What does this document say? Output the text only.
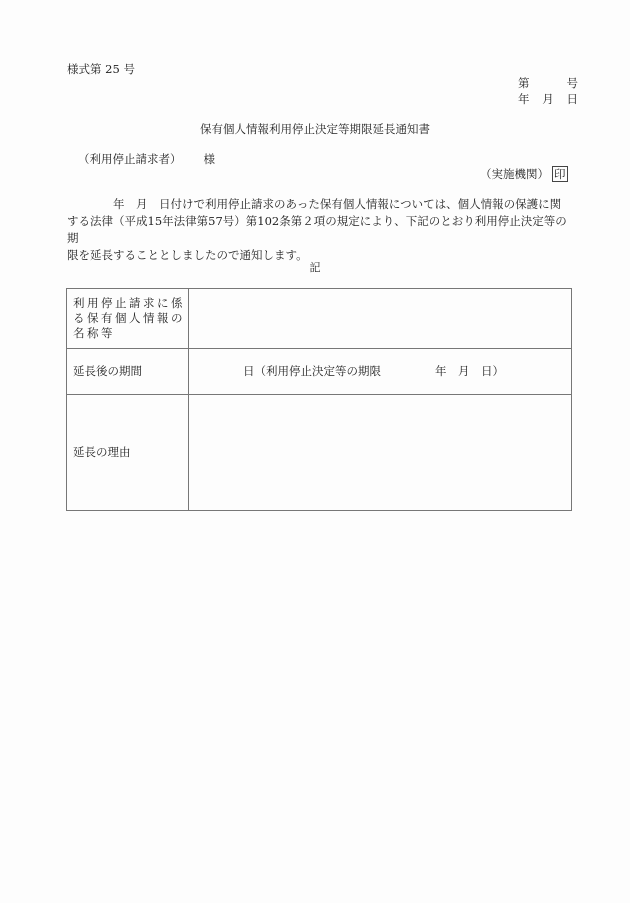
様式第 25 号
第	号
年 月 日
保有個人情報利用停止決定等期限延長通知書
（利用停止請求者） 様
（実施機関） 印

　　　　年　月　日付けで利用停止請求のあった保有個人情報については、個人情報の保護に関

する法律（平成15年法律第57号）第102条第２項の規定により、下記のとおり利用停止決定等の期

限を延長することとしましたので通知します。

記
利用停止請求に係る保有個人情報の名称等	
延長後の期間	日（利用停止決定等の期限 年　月　日）
延長の理由	
